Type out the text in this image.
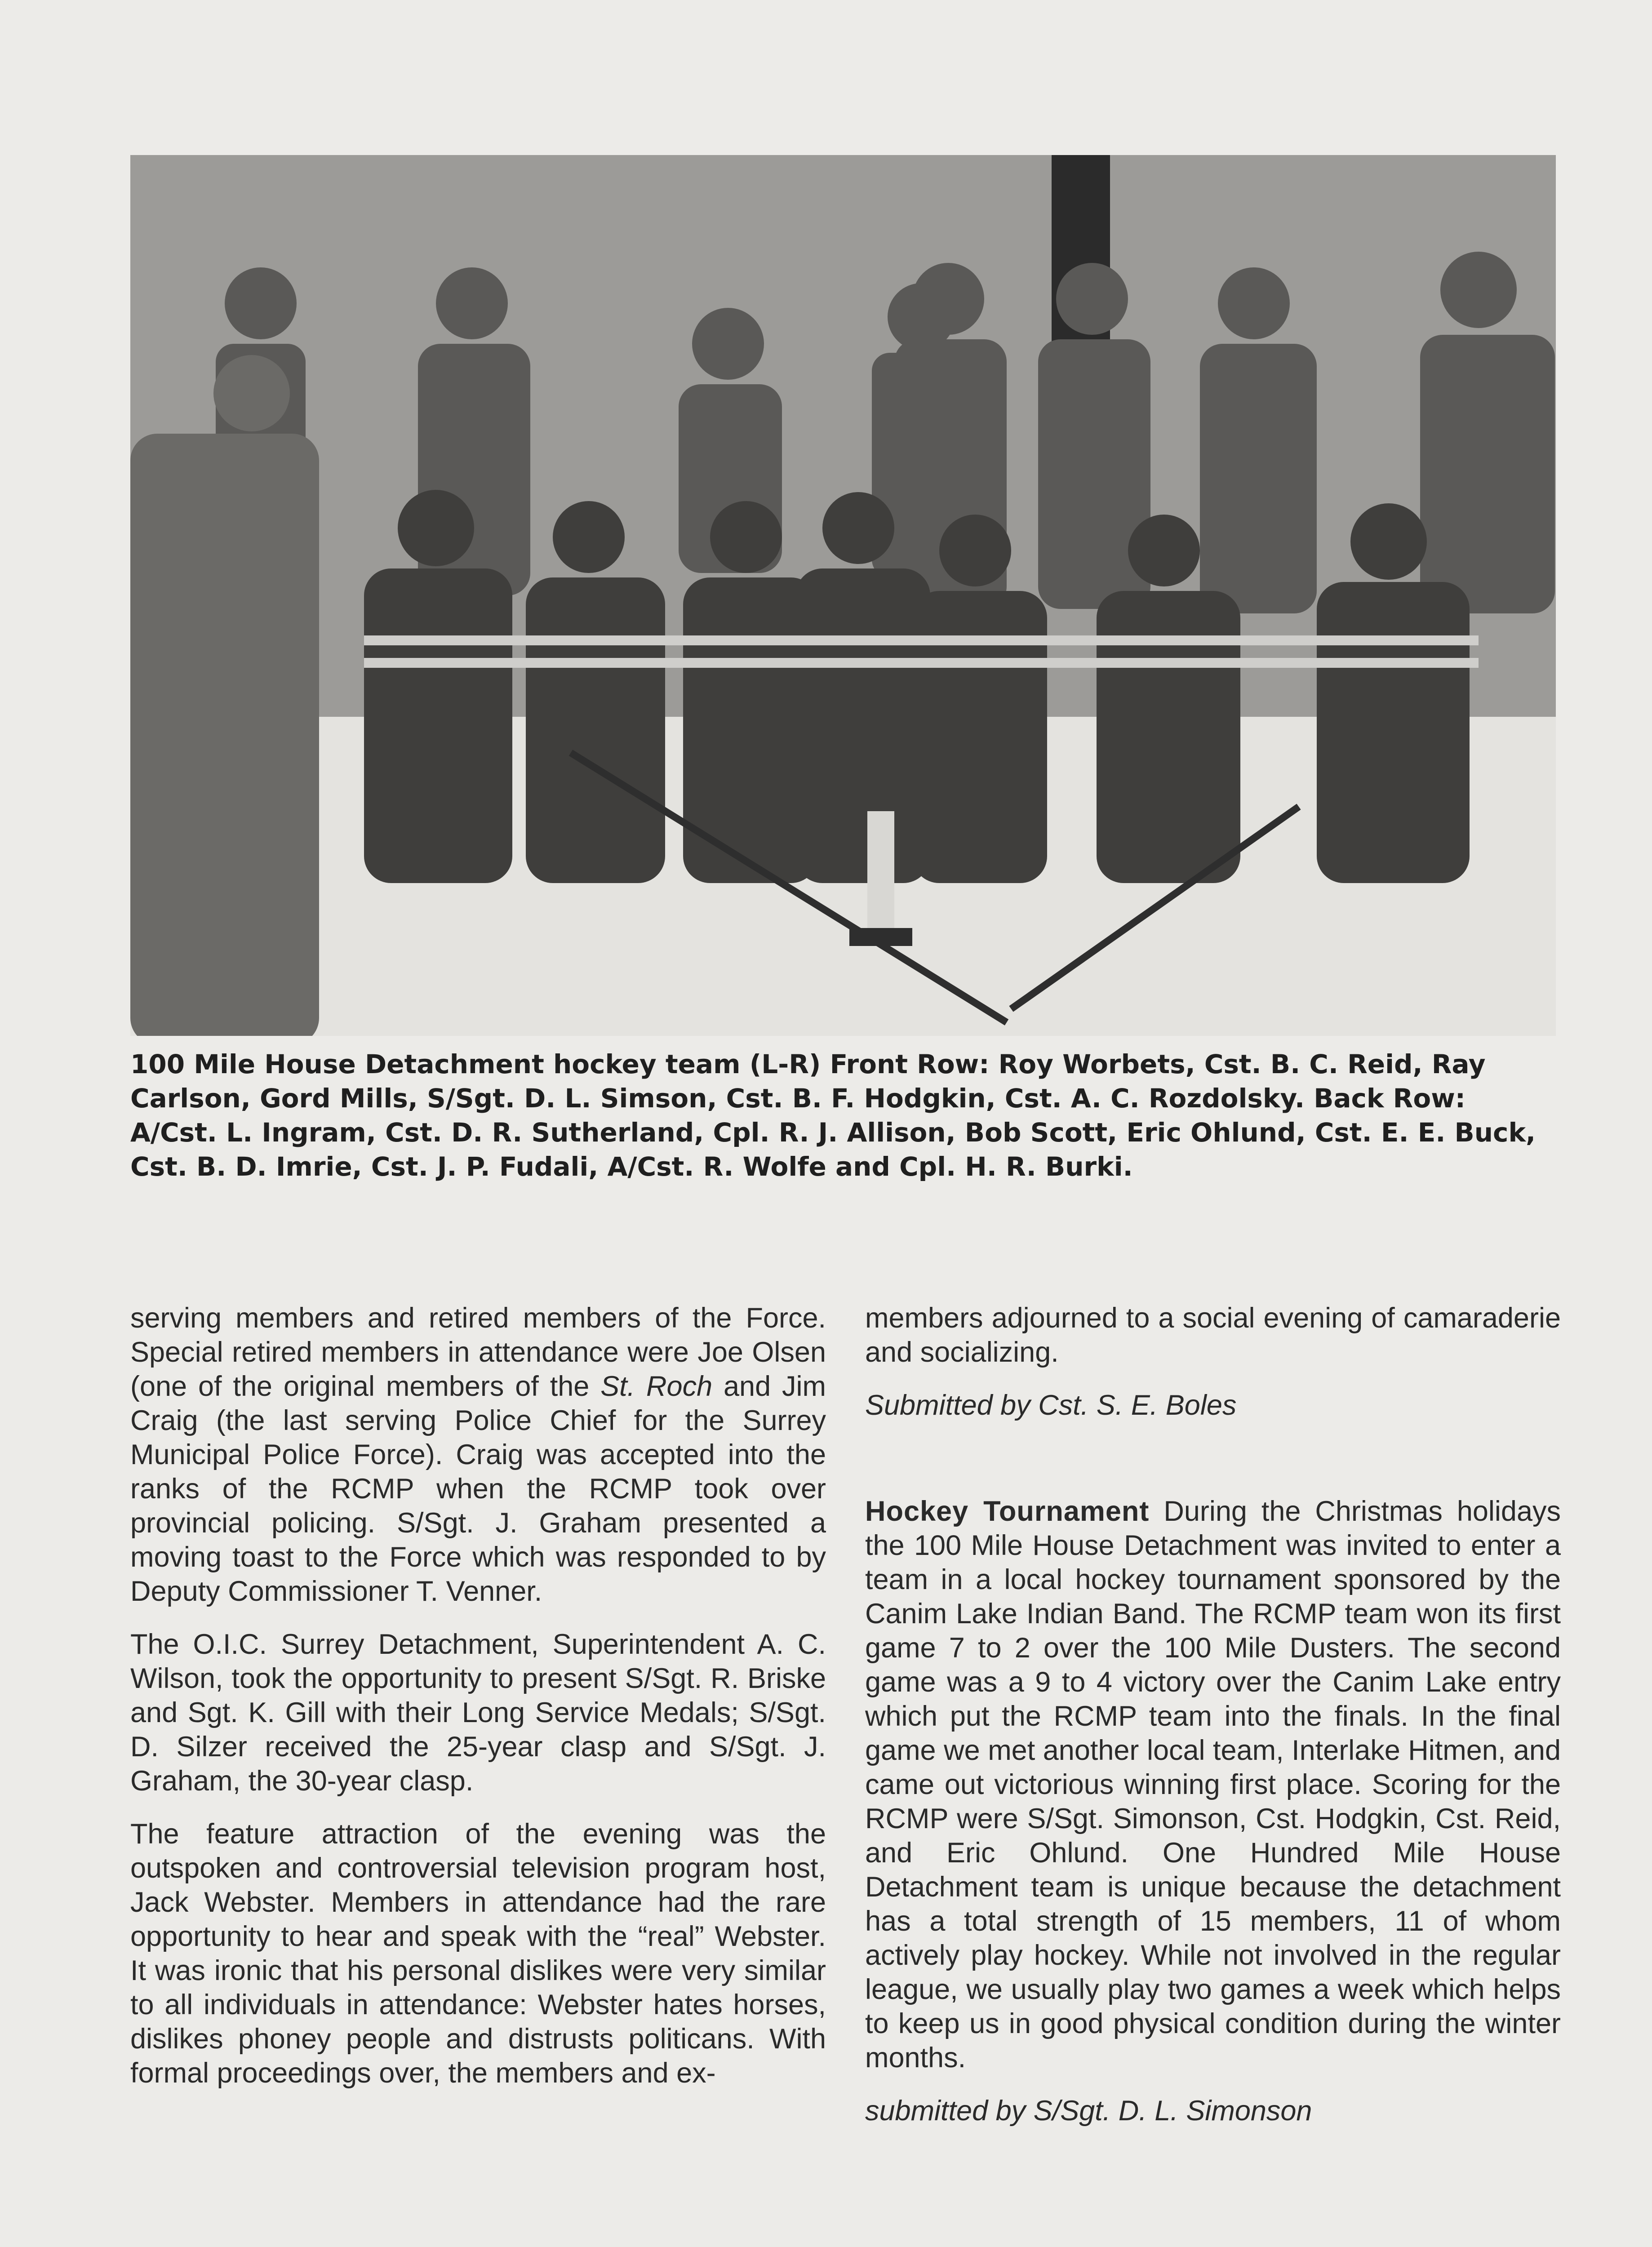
100 Mile House Detachment hockey team (L-R) Front Row: Roy Worbets, Cst. B. C. Reid, Ray Carlson, Gord Mills, S/Sgt. D. L. Simson, Cst. B. F. Hodgkin, Cst. A. C. Rozdolsky. Back Row: A/Cst. L. Ingram, Cst. D. R. Sutherland, Cpl. R. J. Allison, Bob Scott, Eric Ohlund, Cst. E. E. Buck, Cst. B. D. Imrie, Cst. J. P. Fudali, A/Cst. R. Wolfe and Cpl. H. R. Burki.

serving members and retired members of the Force. Special retired members in attendance were Joe Olsen (one of the original members of the St. Roch and Jim Craig (the last serving Police Chief for the Surrey Municipal Police Force). Craig was accepted into the ranks of the RCMP when the RCMP took over provincial policing. S/Sgt. J. Graham presented a moving toast to the Force which was responded to by Deputy Commissioner T. Venner.

The O.I.C. Surrey Detachment, Superintendent A. C. Wilson, took the opportunity to present S/Sgt. R. Briske and Sgt. K. Gill with their Long Service Medals; S/Sgt. D. Silzer received the 25-year clasp and S/Sgt. J. Graham, the 30-year clasp.

The feature attraction of the evening was the outspoken and controversial television program host, Jack Webster. Members in attendance had the rare opportunity to hear and speak with the “real” Webster. It was ironic that his personal dislikes were very similar to all individuals in attendance: Webster hates horses, dislikes phoney people and distrusts politicans. With formal proceedings over, the members and ex-

members adjourned to a social evening of camaraderie and socializing.

Submitted by Cst. S. E. Boles

Hockey Tournament During the Christmas holidays the 100 Mile House Detachment was invited to enter a team in a local hockey tournament sponsored by the Canim Lake Indian Band. The RCMP team won its first game 7 to 2 over the 100 Mile Dusters. The second game was a 9 to 4 victory over the Canim Lake entry which put the RCMP team into the finals. In the final game we met another local team, Interlake Hitmen, and came out victorious winning first place. Scoring for the RCMP were S/Sgt. Simonson, Cst. Hodgkin, Cst. Reid, and Eric Ohlund. One Hundred Mile House Detachment team is unique because the detachment has a total strength of 15 members, 11 of whom actively play hockey. While not involved in the regular league, we usually play two games a week which helps to keep us in good physical condition during the winter months.

submitted by S/Sgt. D. L. Simonson
